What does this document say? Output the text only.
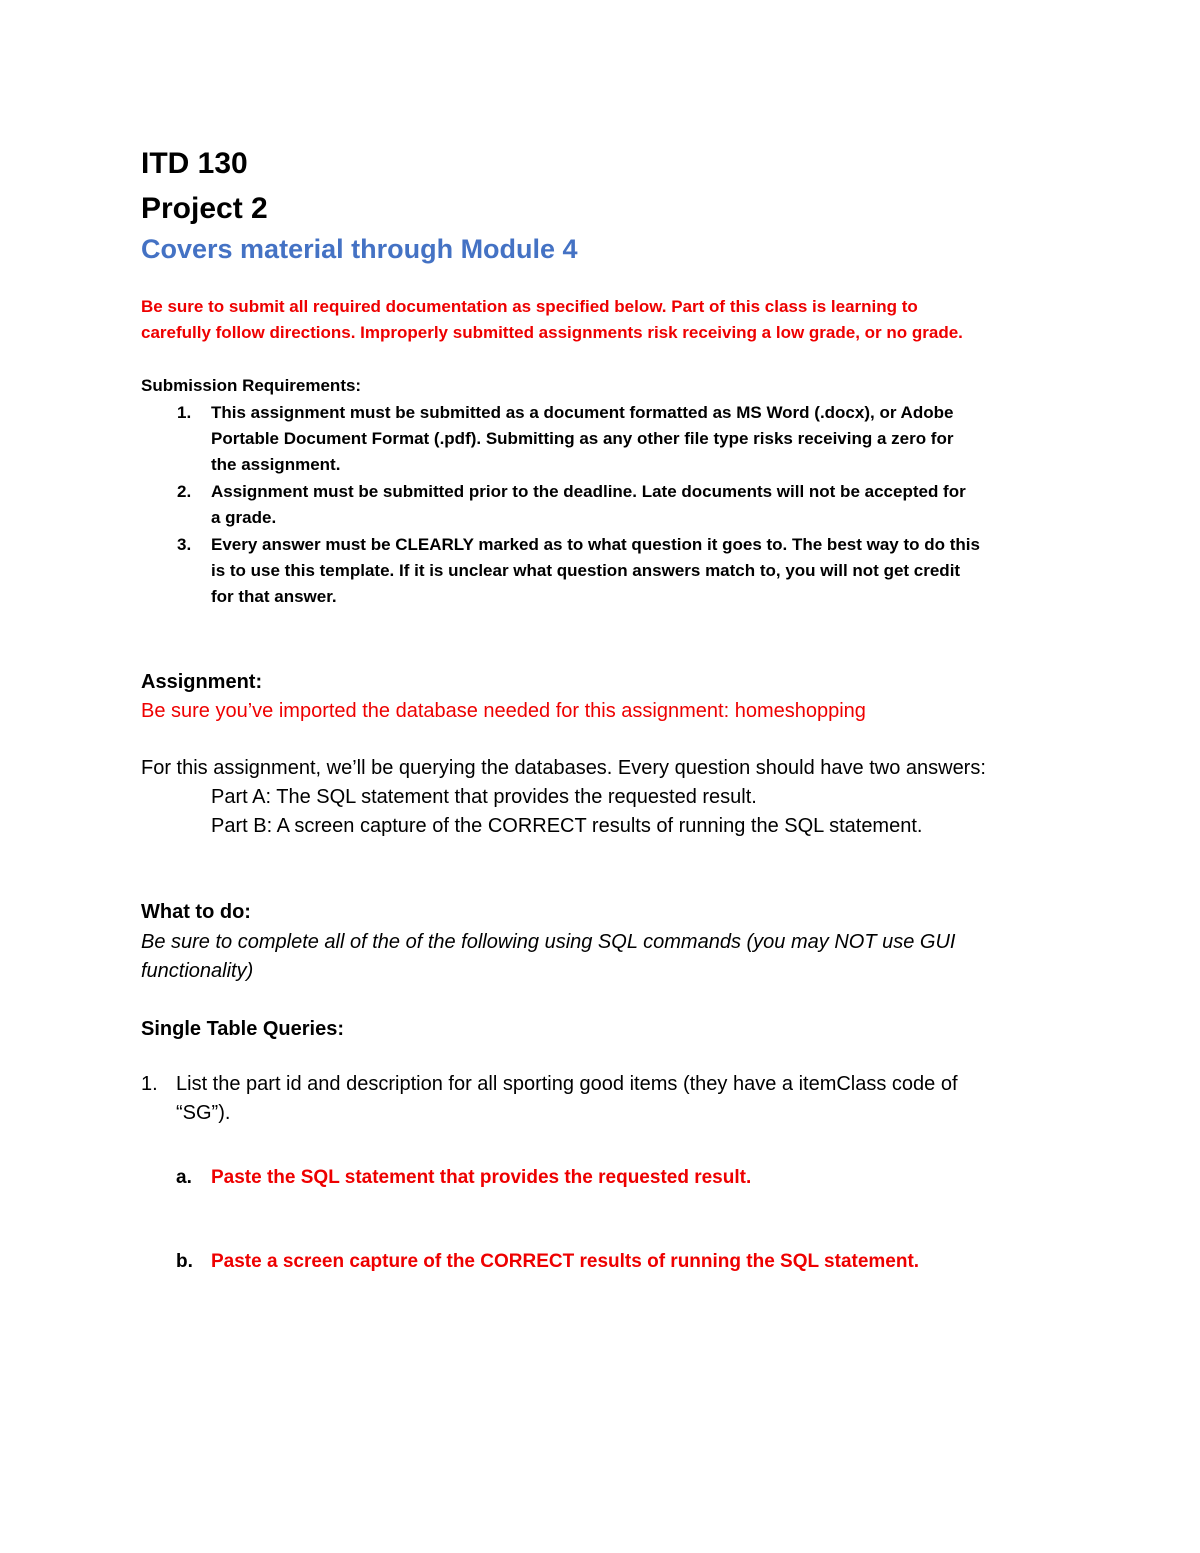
ITD 130
Project 2
Covers material through Module 4
Be sure to submit all required documentation as specified below. Part of this class is learning to
carefully follow directions. Improperly submitted assignments risk receiving a low grade, or no grade.
Submission Requirements:
1. This assignment must be submitted as a document formatted as MS Word (.docx), or Adobe
Portable Document Format (.pdf). Submitting as any other file type risks receiving a zero for
the assignment.
2. Assignment must be submitted prior to the deadline. Late documents will not be accepted for
a grade.
3. Every answer must be CLEARLY marked as to what question it goes to. The best way to do this
is to use this template. If it is unclear what question answers match to, you will not get credit
for that answer.
Assignment:
Be sure you’ve imported the database needed for this assignment: homeshopping
For this assignment, we’ll be querying the databases. Every question should have two answers:
Part A: The SQL statement that provides the requested result.
Part B: A screen capture of the CORRECT results of running the SQL statement.
What to do:
Be sure to complete all of the of the following using SQL commands (you may NOT use GUI
functionality)
Single Table Queries:
1. List the part id and description for all sporting good items (they have a itemClass code of
“SG”).
a. Paste the SQL statement that provides the requested result.
b. Paste a screen capture of the CORRECT results of running the SQL statement.
